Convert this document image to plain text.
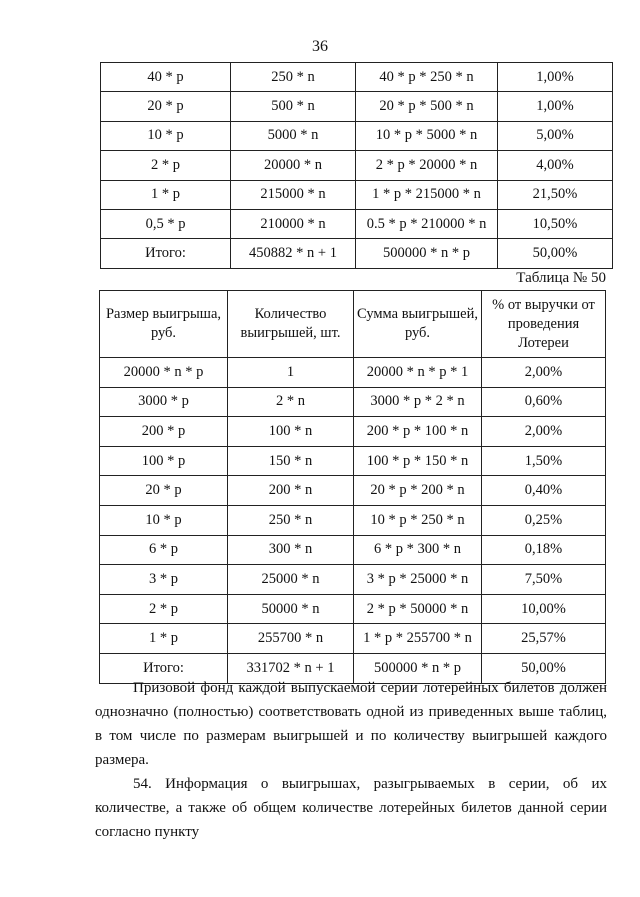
36
40 * p	250 * n	40 * p * 250 * n	1,00%
20 * p	500 * n	20 * p * 500 * n	1,00%
10 * p	5000 * n	10 * p * 5000 * n	5,00%
2 * p	20000 * n	2 * p * 20000 * n	4,00%
1 * p	215000 * n	1 * p * 215000 * n	21,50%
0,5 * p	210000 * n	0.5 * p * 210000 * n	10,50%
Итого:	450882 * n + 1	500000 * n * p	50,00%
Таблица № 50
Размер выигрыша, руб.	Количество выигрышей, шт.	Сумма выигрышей, руб.	% от выручки от проведения Лотереи
20000 * n * p	1	20000 * n * p * 1	2,00%
3000 * p	2 * n	3000 * p * 2 * n	0,60%
200 * p	100 * n	200 * p * 100 * n	2,00%
100 * p	150 * n	100 * p * 150 * n	1,50%
20 * p	200 * n	20 * p * 200 * n	0,40%
10 * p	250 * n	10 * p * 250 * n	0,25%
6 * p	300 * n	6 * p * 300 * n	0,18%
3 * p	25000 * n	3 * p * 25000 * n	7,50%
2 * p	50000 * n	2 * p * 50000 * n	10,00%
1 * p	255700 * n	1 * p * 255700 * n	25,57%
Итого:	331702 * n + 1	500000 * n * p	50,00%
Призовой фонд каждой выпускаемой серии лотерейных билетов должен однозначно (полностью) соответствовать одной из приведенных выше таблиц, в том числе по размерам выигрышей и по количеству выигрышей каждого размера.
54. Информация о выигрышах, разыгрываемых в серии, об их количестве, а также об общем количестве лотерейных билетов данной серии согласно пункту
